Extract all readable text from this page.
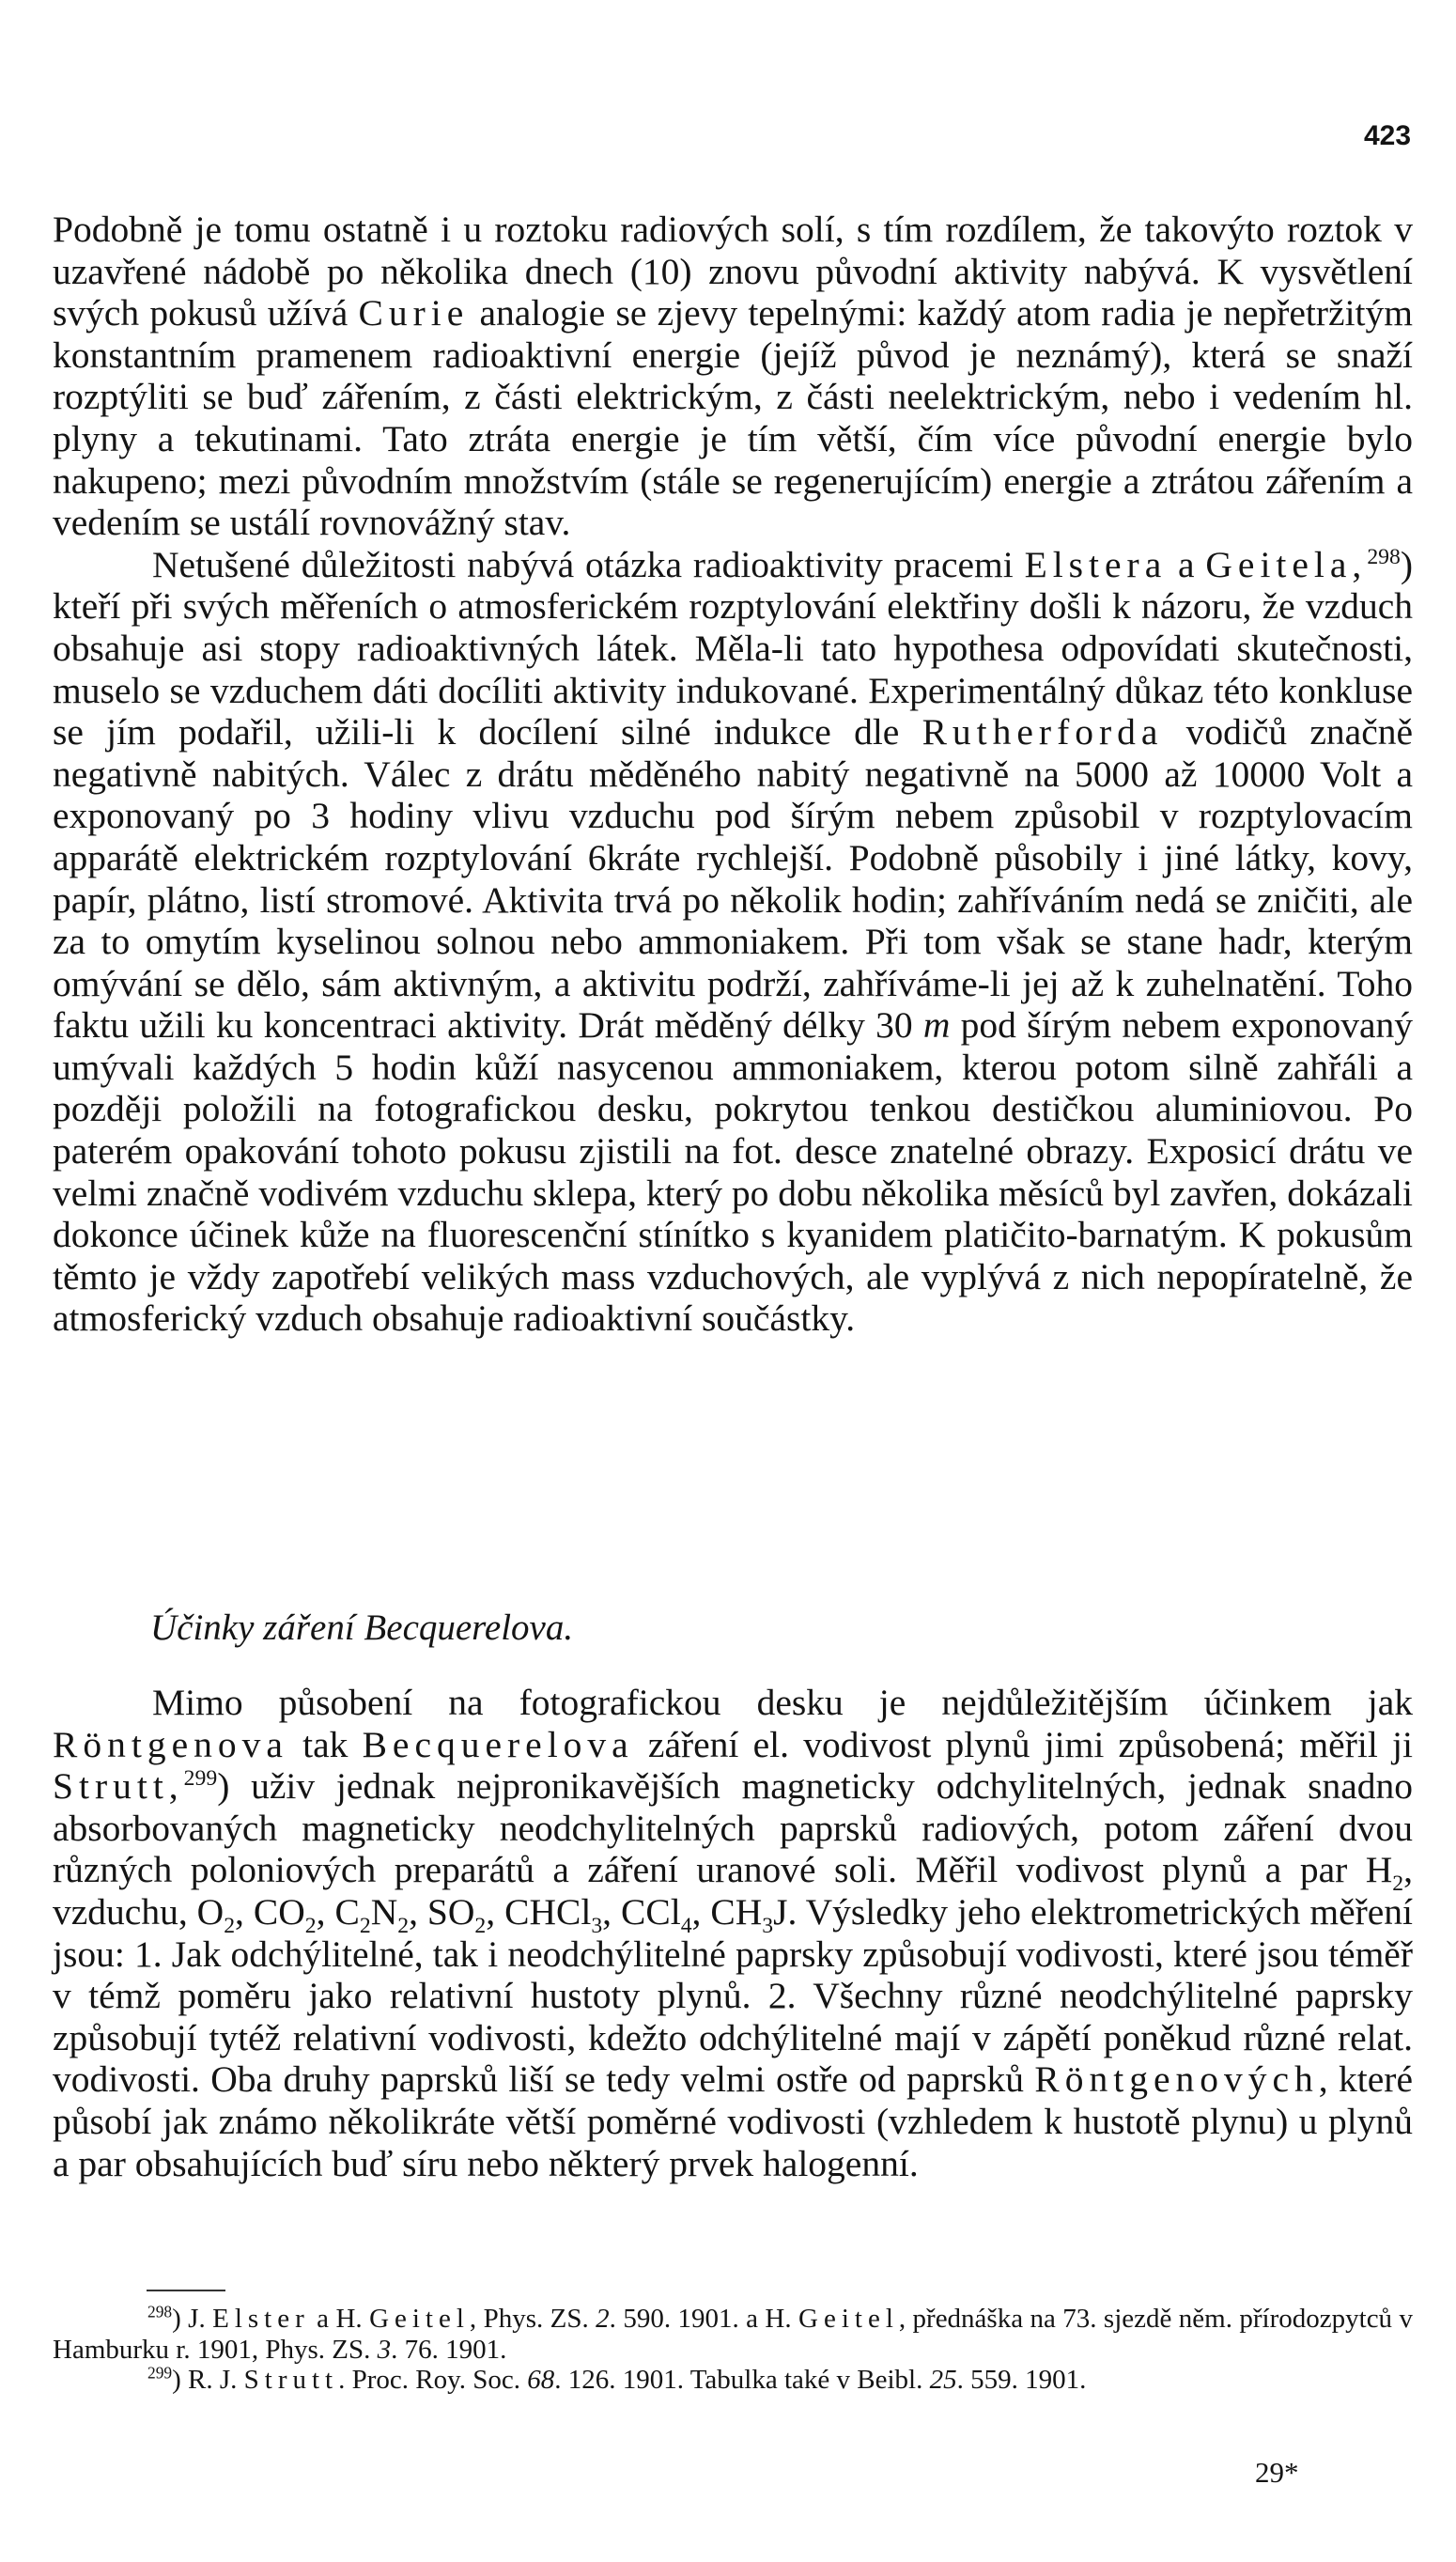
423

Podobně je tomu ostatně i u roztoku radiových solí, s tím rozdílem, že takovýto roztok v uzavřené nádobě po několika dnech (10) znovu původní aktivity nabývá. K vysvětlení svých pokusů užívá Curie analogie se zjevy tepelnými: každý atom radia je nepřetržitým konstantním pramenem radioaktivní energie (jejíž původ je neznámý), která se snaží rozptýliti se buď zářením, z části elektrickým, z části neelektrickým, nebo i vedením hl. plyny a tekutinami. Tato ztráta energie je tím větší, čím více původní energie bylo nakupeno; mezi původním množstvím (stále se regenerujícím) energie a ztrátou zářením a vedením se ustálí rovnovážný stav.

Netušené důležitosti nabývá otázka radioaktivity pracemi Elstera a Geitela,$^{298}$) kteří při svých měřeních o atmosferickém rozptylování elektřiny došli k názoru, že vzduch obsahuje asi stopy radioaktivných látek. Měla-li tato hypothesa odpovídati skutečnosti, muselo se vzduchem dáti docíliti aktivity indukované. Experimentálný důkaz této konkluse se jím podařil, užili-li k docílení silné indukce dle Rutherforda vodičů značně negativně nabitých. Válec z drátu měděného nabitý negativně na 5000 až 10000 Volt a exponovaný po 3 hodiny vlivu vzduchu pod šírým nebem způsobil v rozptylovacím apparátě elektrickém rozptylování 6kráte rychlejší. Podobně působily i jiné látky, kovy, papír, plátno, listí stromové. Aktivita trvá po několik hodin; zahříváním nedá se zničiti, ale za to omytím kyselinou solnou nebo ammoniakem. Při tom však se stane hadr, kterým omývání se dělo, sám aktivným, a aktivitu podrží, zahříváme-li jej až k zuhelnatění. Toho faktu užili ku koncentraci aktivity. Drát měděný délky 30 m pod šírým nebem exponovaný umývali každých 5 hodin kůží nasycenou ammoniakem, kterou potom silně zahřáli a později položili na fotografickou desku, pokrytou tenkou destičkou aluminiovou. Po paterém opakování tohoto pokusu zjistili na fot. desce znatelné obrazy. Exposicí drátu ve velmi značně vodivém vzduchu sklepa, který po dobu několika měsíců byl zavřen, dokázali dokonce účinek kůže na fluorescenční stínítko s kyanidem platičito-barnatým. K pokusům těmto je vždy zapotřebí velikých mass vzduchových, ale vyplývá z nich nepopíratelně, že atmosferický vzduch obsahuje radioaktivní součástky.

Účinky záření Becquerelova.

Mimo působení na fotografickou desku je nejdůležitějším účinkem jak Röntgenova tak Becquerelova záření el. vodivost plynů jimi způsobená; měřil ji Strutt,$^{299}$) uživ jednak nejpronikavějších magneticky odchylitelných, jednak snadno absorbovaných magneticky neodchylitelných paprsků radiových, potom záření dvou různých poloniových preparátů a záření uranové soli. Měřil vodivost plynů a par $H_2$, vzduchu, $O_2$, $CO_2$, $C_2N_2$, $SO_2$, CHCl$_3$, CCl$_4$, $CH_3J$. Výsledky jeho elektrometrických měření jsou: 1. Jak odchýlitelné, tak i neodchýlitelné paprsky způsobují vodivosti, které jsou téměř v témž poměru jako relativní hustoty plynů. 2. Všechny různé neodchýlitelné paprsky způsobují tytéž relativní vodivosti, kdežto odchýlitelné mají v zápětí poněkud různé relat. vodivosti. Oba druhy paprsků liší se tedy velmi ostře od paprsků Röntgenových, které působí jak známo několikráte větší poměrné vodivosti (vzhledem k hustotě plynu) u plynů a par obsahujících buď síru nebo některý prvek halogenní.

$^{298}$) J. Elster a H. Geitel, Phys. ZS. 2. 590. 1901. a H. Geitel, přednáška na 73. sjezdě něm. přírodozpytců v Hamburku r. 1901, Phys. ZS. 3. 76. 1901.

$^{299}$) R. J. Strutt. Proc. Roy. Soc. 68. 126. 1901. Tabulka také v Beibl. 25. 559. 1901.

29*
